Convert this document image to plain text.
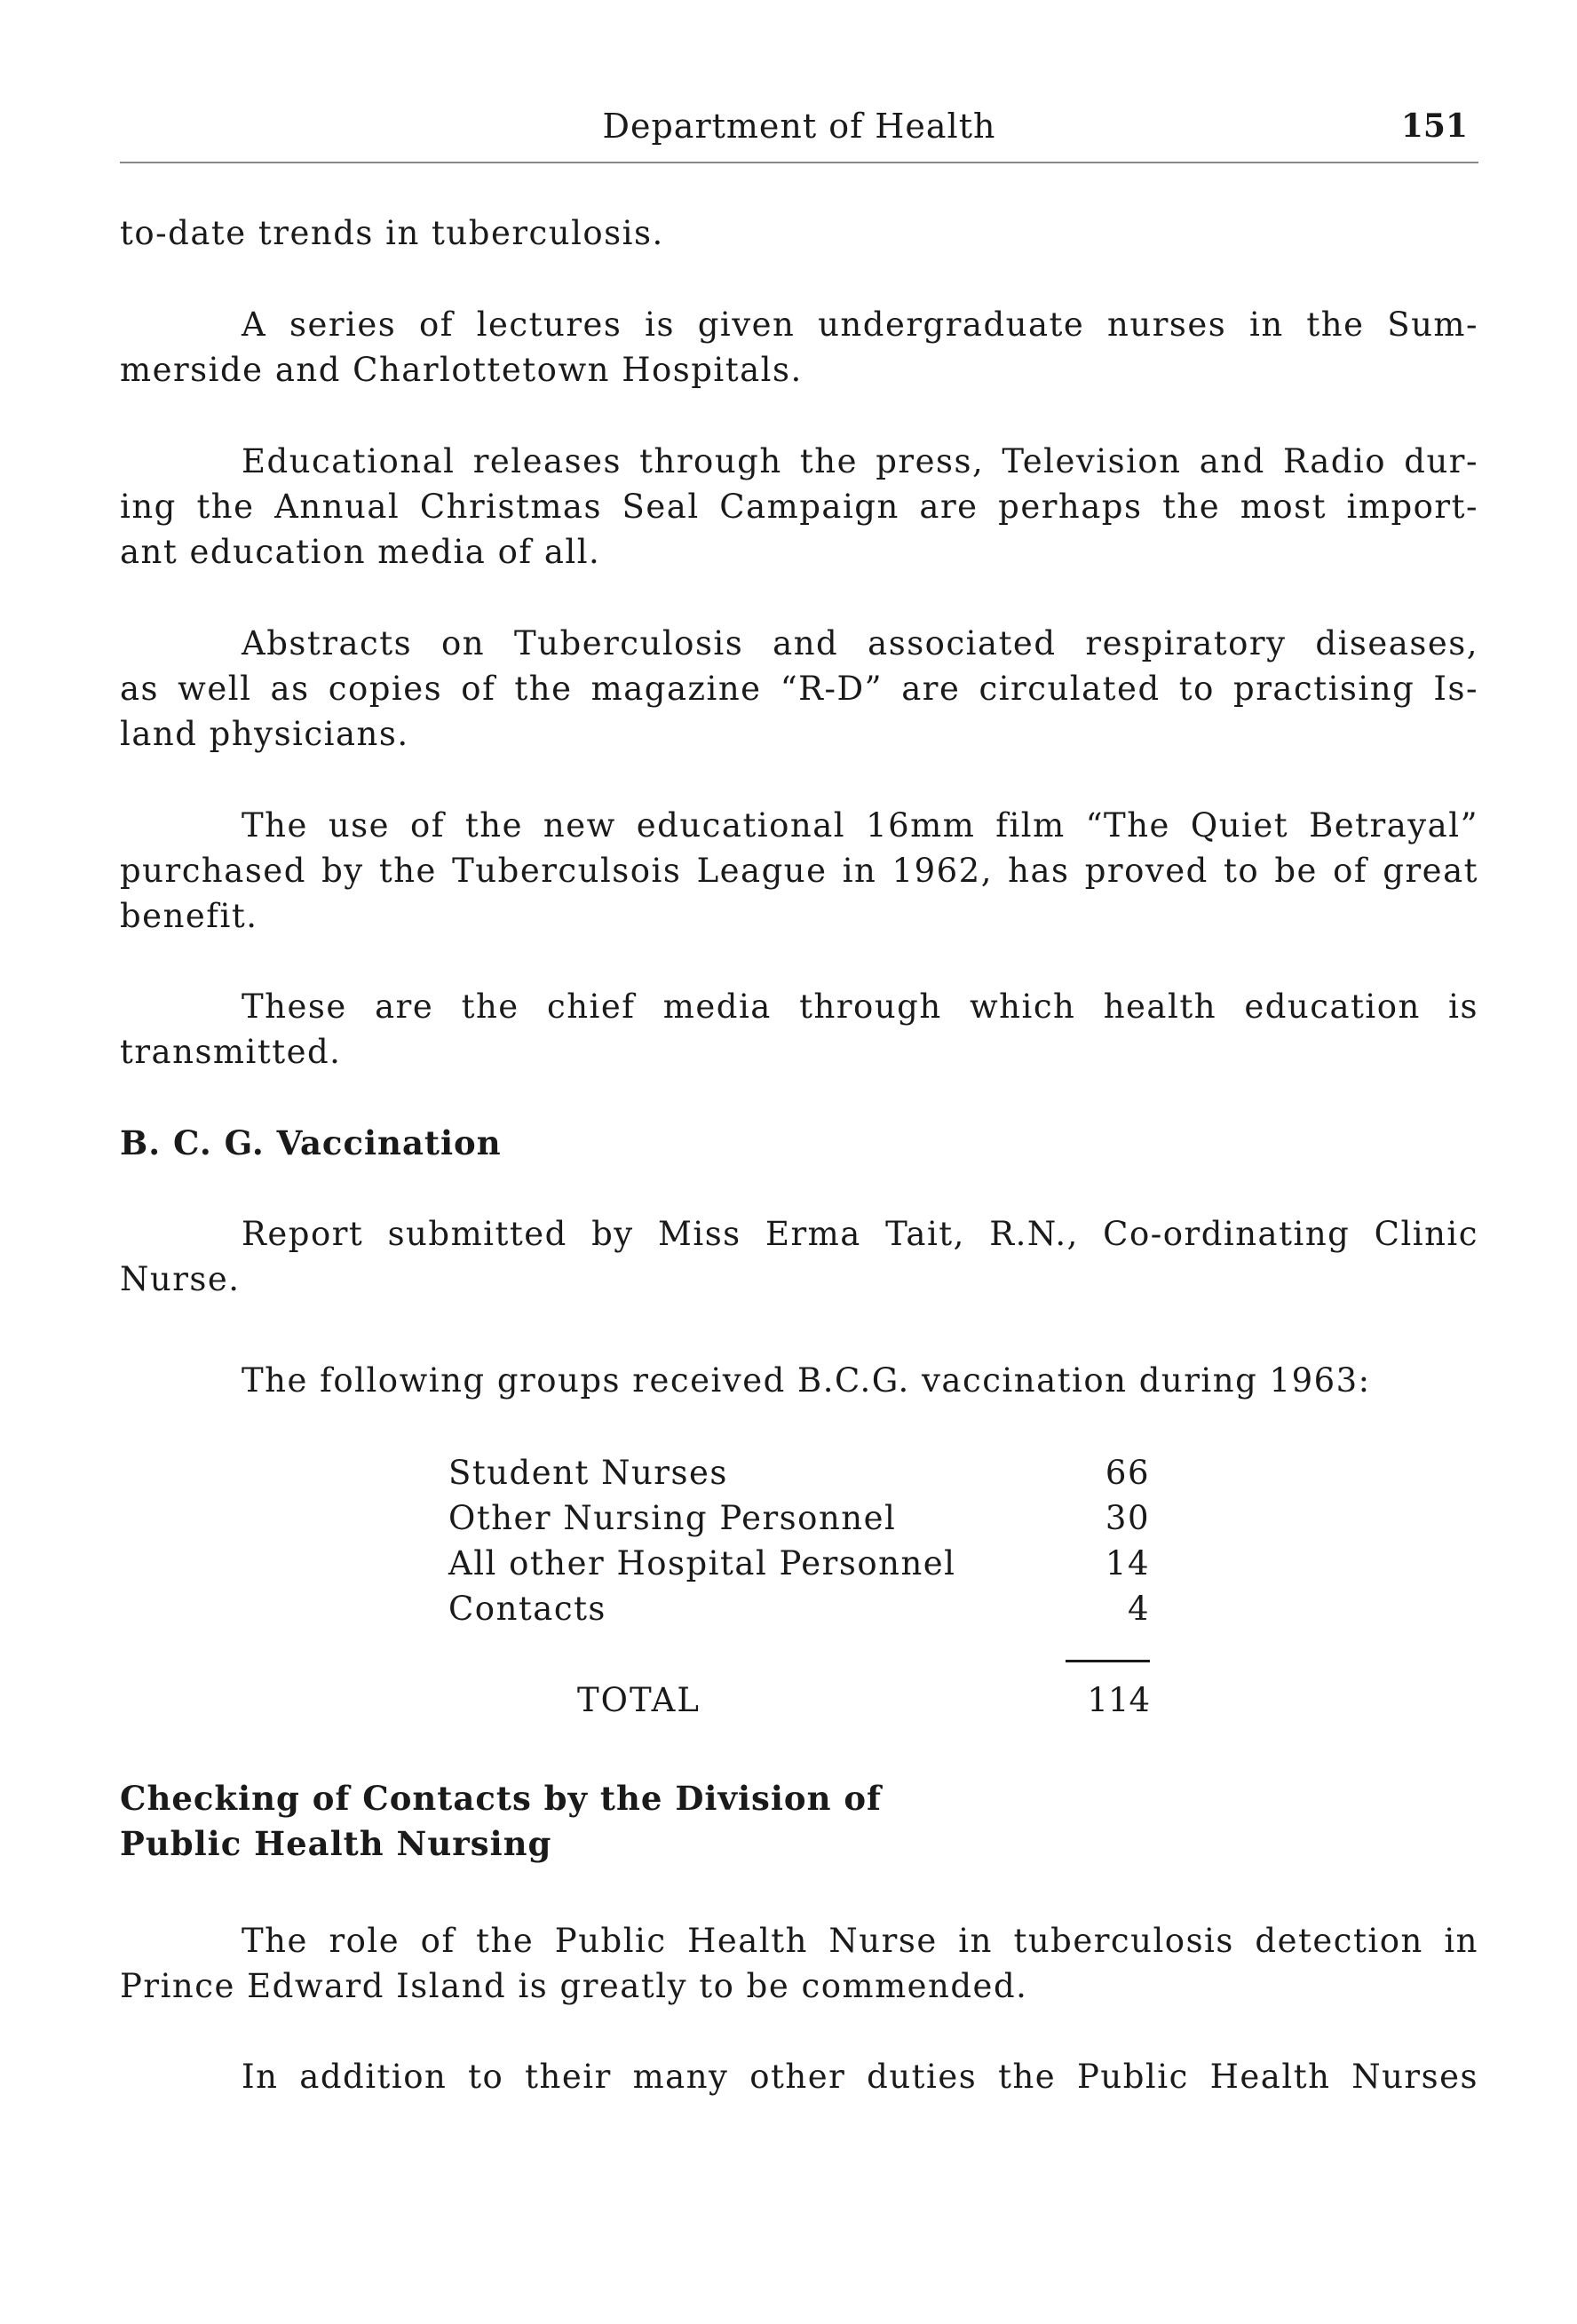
Department of Health	151
to-date trends in tuberculosis.
A series of lectures is given undergraduate nurses in the Sum-
merside and Charlottetown Hospitals.
Educational releases through the press, Television and Radio dur-
ing the Annual Christmas Seal Campaign are perhaps the most import-
ant education media of all.
Abstracts on Tuberculosis and associated respiratory diseases,
as well as copies of the magazine “R-D” are circulated to practising Is-
land physicians.
The use of the new educational 16mm film “The Quiet Betrayal”
purchased by the Tuberculsois League in 1962, has proved to be of great
benefit.
These are the chief media through which health education is
transmitted.
B. C. G. Vaccination
Report submitted by Miss Erma Tait, R.N., Co-ordinating Clinic
Nurse.
The following groups received B.C.G. vaccination during 1963:
Student Nurses	66
Other Nursing Personnel	30
All other Hospital Personnel	14
Contacts	4
TOTAL	114
Checking of Contacts by the Division of
Public Health Nursing
The role of the Public Health Nurse in tuberculosis detection in
Prince Edward Island is greatly to be commended.
In addition to their many other duties the Public Health Nurses
